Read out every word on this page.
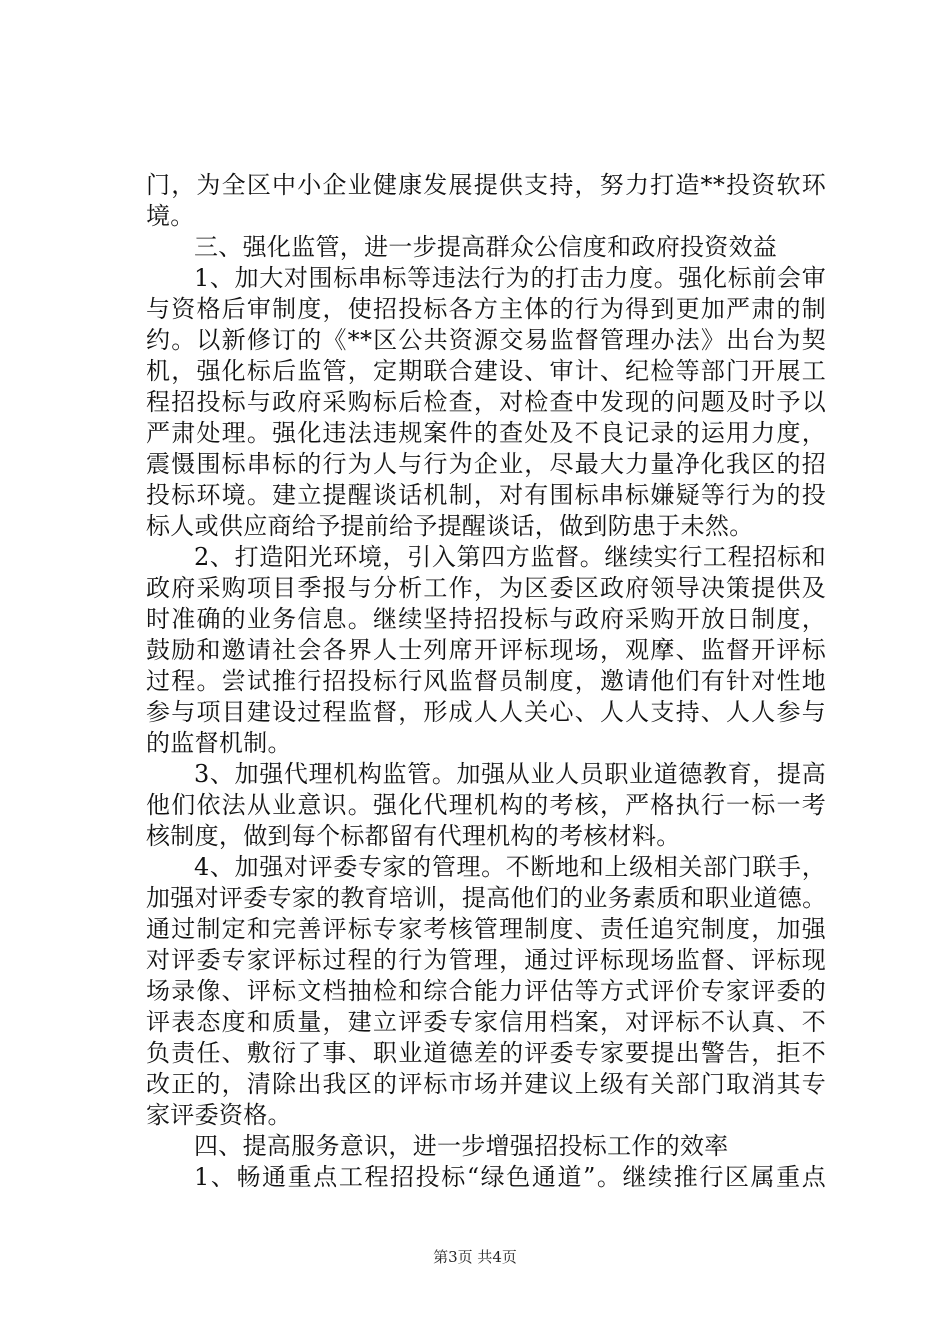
门，为全区中小企业健康发展提供支持，努力打造**投资软环
境。
三、强化监管，进一步提高群众公信度和政府投资效益
1、加大对围标串标等违法行为的打击力度。强化标前会审
与资格后审制度，使招投标各方主体的行为得到更加严肃的制
约。以新修订的《**区公共资源交易监督管理办法》出台为契
机，强化标后监管，定期联合建设、审计、纪检等部门开展工
程招投标与政府采购标后检查，对检查中发现的问题及时予以
严肃处理。强化违法违规案件的查处及不良记录的运用力度，
震慑围标串标的行为人与行为企业，尽最大力量净化我区的招
投标环境。建立提醒谈话机制，对有围标串标嫌疑等行为的投
标人或供应商给予提前给予提醒谈话，做到防患于未然。
2、打造阳光环境，引入第四方监督。继续实行工程招标和
政府采购项目季报与分析工作，为区委区政府领导决策提供及
时准确的业务信息。继续坚持招投标与政府采购开放日制度，
鼓励和邀请社会各界人士列席开评标现场，观摩、监督开评标
过程。尝试推行招投标行风监督员制度，邀请他们有针对性地
参与项目建设过程监督，形成人人关心、人人支持、人人参与
的监督机制。
3、加强代理机构监管。加强从业人员职业道德教育，提高
他们依法从业意识。强化代理机构的考核，严格执行一标一考
核制度，做到每个标都留有代理机构的考核材料。
4、加强对评委专家的管理。不断地和上级相关部门联手，
加强对评委专家的教育培训，提高他们的业务素质和职业道德。
通过制定和完善评标专家考核管理制度、责任追究制度，加强
对评委专家评标过程的行为管理，通过评标现场监督、评标现
场录像、评标文档抽检和综合能力评估等方式评价专家评委的
评表态度和质量，建立评委专家信用档案，对评标不认真、不
负责任、敷衍了事、职业道德差的评委专家要提出警告，拒不
改正的，清除出我区的评标市场并建议上级有关部门取消其专
家评委资格。
四、提高服务意识，进一步增强招投标工作的效率
1、畅通重点工程招投标“绿色通道”。继续推行区属重点
第3页 共4页
